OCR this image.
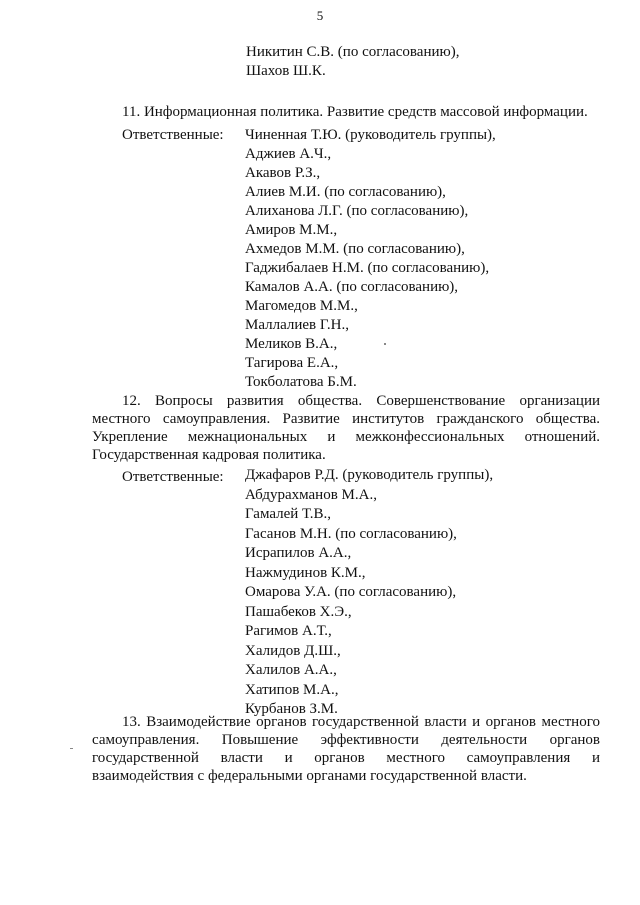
5
Никитин С.В. (по согласованию),
Шахов Ш.К.
11. Информационная политика. Развитие средств массовой информации.
Ответственные: Чиненная Т.Ю. (руководитель группы),
Аджиев А.Ч.,
Акавов Р.З.,
Алиев М.И. (по согласованию),
Алиханова Л.Г. (по согласованию),
Амиров М.М.,
Ахмедов М.М. (по согласованию),
Гаджибалаев Н.М. (по согласованию),
Камалов А.А. (по согласованию),
Магомедов М.М.,
Маллалиев Г.Н.,
Меликов В.А.,
Тагирова Е.А.,
Токболатова Б.М.
12. Вопросы развития общества. Совершенствование организации
местного самоуправления. Развитие институтов гражданского общества.
Укрепление межнациональных и межконфессиональных отношений.
Государственная кадровая политика.
Ответственные: Джафаров Р.Д. (руководитель группы),
Абдурахманов М.А.,
Гамалей Т.В.,
Гасанов М.Н. (по согласованию),
Исрапилов А.А.,
Нажмудинов К.М.,
Омарова У.А. (по согласованию),
Пашабеков Х.Э.,
Рагимов А.Т.,
Халидов Д.Ш.,
Халилов А.А.,
Хатипов М.А.,
Курбанов З.М.
13. Взаимодействие органов государственной власти и органов местного
самоуправления. Повышение эффективности деятельности органов
государственной власти и органов местного самоуправления и
взаимодействия с федеральными органами государственной власти.
